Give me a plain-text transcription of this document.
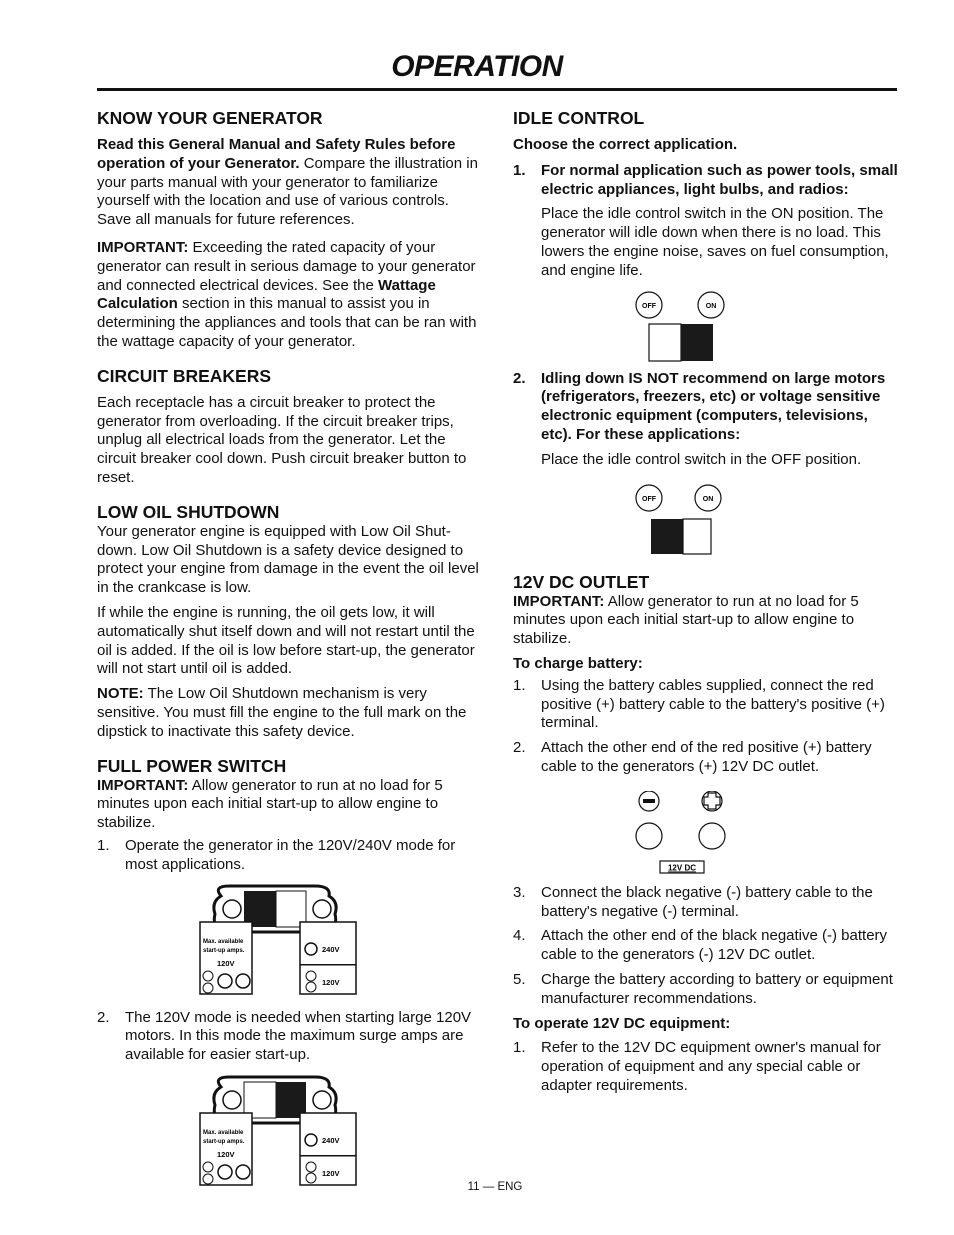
OPERATION
KNOW YOUR GENERATOR

Read this General Manual and Safety Rules before operation of your Generator. Compare the illustration in your parts manual with your generator to familiarize yourself with the location and use of various controls. Save all manuals for future references.

IMPORTANT: Exceeding the rated capacity of your generator can result in serious damage to your generator and connected electrical devices. See the Wattage Calculation section in this manual to assist you in determining the appliances and tools that can be ran with the wattage capacity of your generator.

CIRCUIT BREAKERS

Each receptacle has a circuit breaker to protect the generator from overloading. If the circuit breaker trips, unplug all electrical loads from the generator. Let the circuit breaker cool down. Push circuit breaker button to reset.

LOW OIL SHUTDOWN

Your generator engine is equipped with Low Oil Shutdown. Low Oil Shutdown is a safety device designed to protect your engine from damage in the event the oil level in the crankcase is low.

If while the engine is running, the oil gets low, it will automatically shut itself down and will not restart until the oil is added. If the oil is low before start-up, the generator will not start until oil is added.

NOTE: The Low Oil Shutdown mechanism is very sensitive. You must fill the engine to the full mark on the dipstick to inactivate this safety device.

FULL POWER SWITCH

IMPORTANT: Allow generator to run at no load for 5 minutes upon each initial start-up to allow engine to stabilize.

1. Operate the generator in the 120V/240V mode for most applications.
Max. available
start-up amps.
120V
240V
120V
2. The 120V mode is needed when starting large 120V motors. In this mode the maximum surge amps are available for easier start-up.
Max. available
start-up amps.
120V
240V
120V
IDLE CONTROL

Choose the correct application.

1. For normal application such as power tools, small electric appliances, light bulbs, and radios:

Place the idle control switch in the ON position. The generator will idle down when there is no load. This lowers the engine noise, saves on fuel consumption, and engine life.

OFF	ON
2. Idling down IS NOT recommend on large motors (refrigerators, freezers, etc) or voltage sensitive electronic equipment (computers, televisions, etc). For these applications:

Place the idle control switch in the OFF position.

OFF	ON
12V DC OUTLET

IMPORTANT: Allow generator to run at no load for 5 minutes upon each initial start-up to allow engine to stabilize.

To charge battery:

1. Using the battery cables supplied, connect the red positive (+) battery cable to the battery's positive (+) terminal.
2. Attach the other end of the red positive (+) battery cable to the generators (+) 12V DC outlet.
12V DC
3. Connect the black negative (-) battery cable to the battery's negative (-) terminal.
4. Attach the other end of the black negative (-) battery cable to the generators (-) 12V DC outlet.
5. Charge the battery according to battery or equipment manufacturer recommendations.

To operate 12V DC equipment:

1. Refer to the 12V DC equipment owner's manual for operation of equipment and any special cable or adapter requirements.
11 — ENG
